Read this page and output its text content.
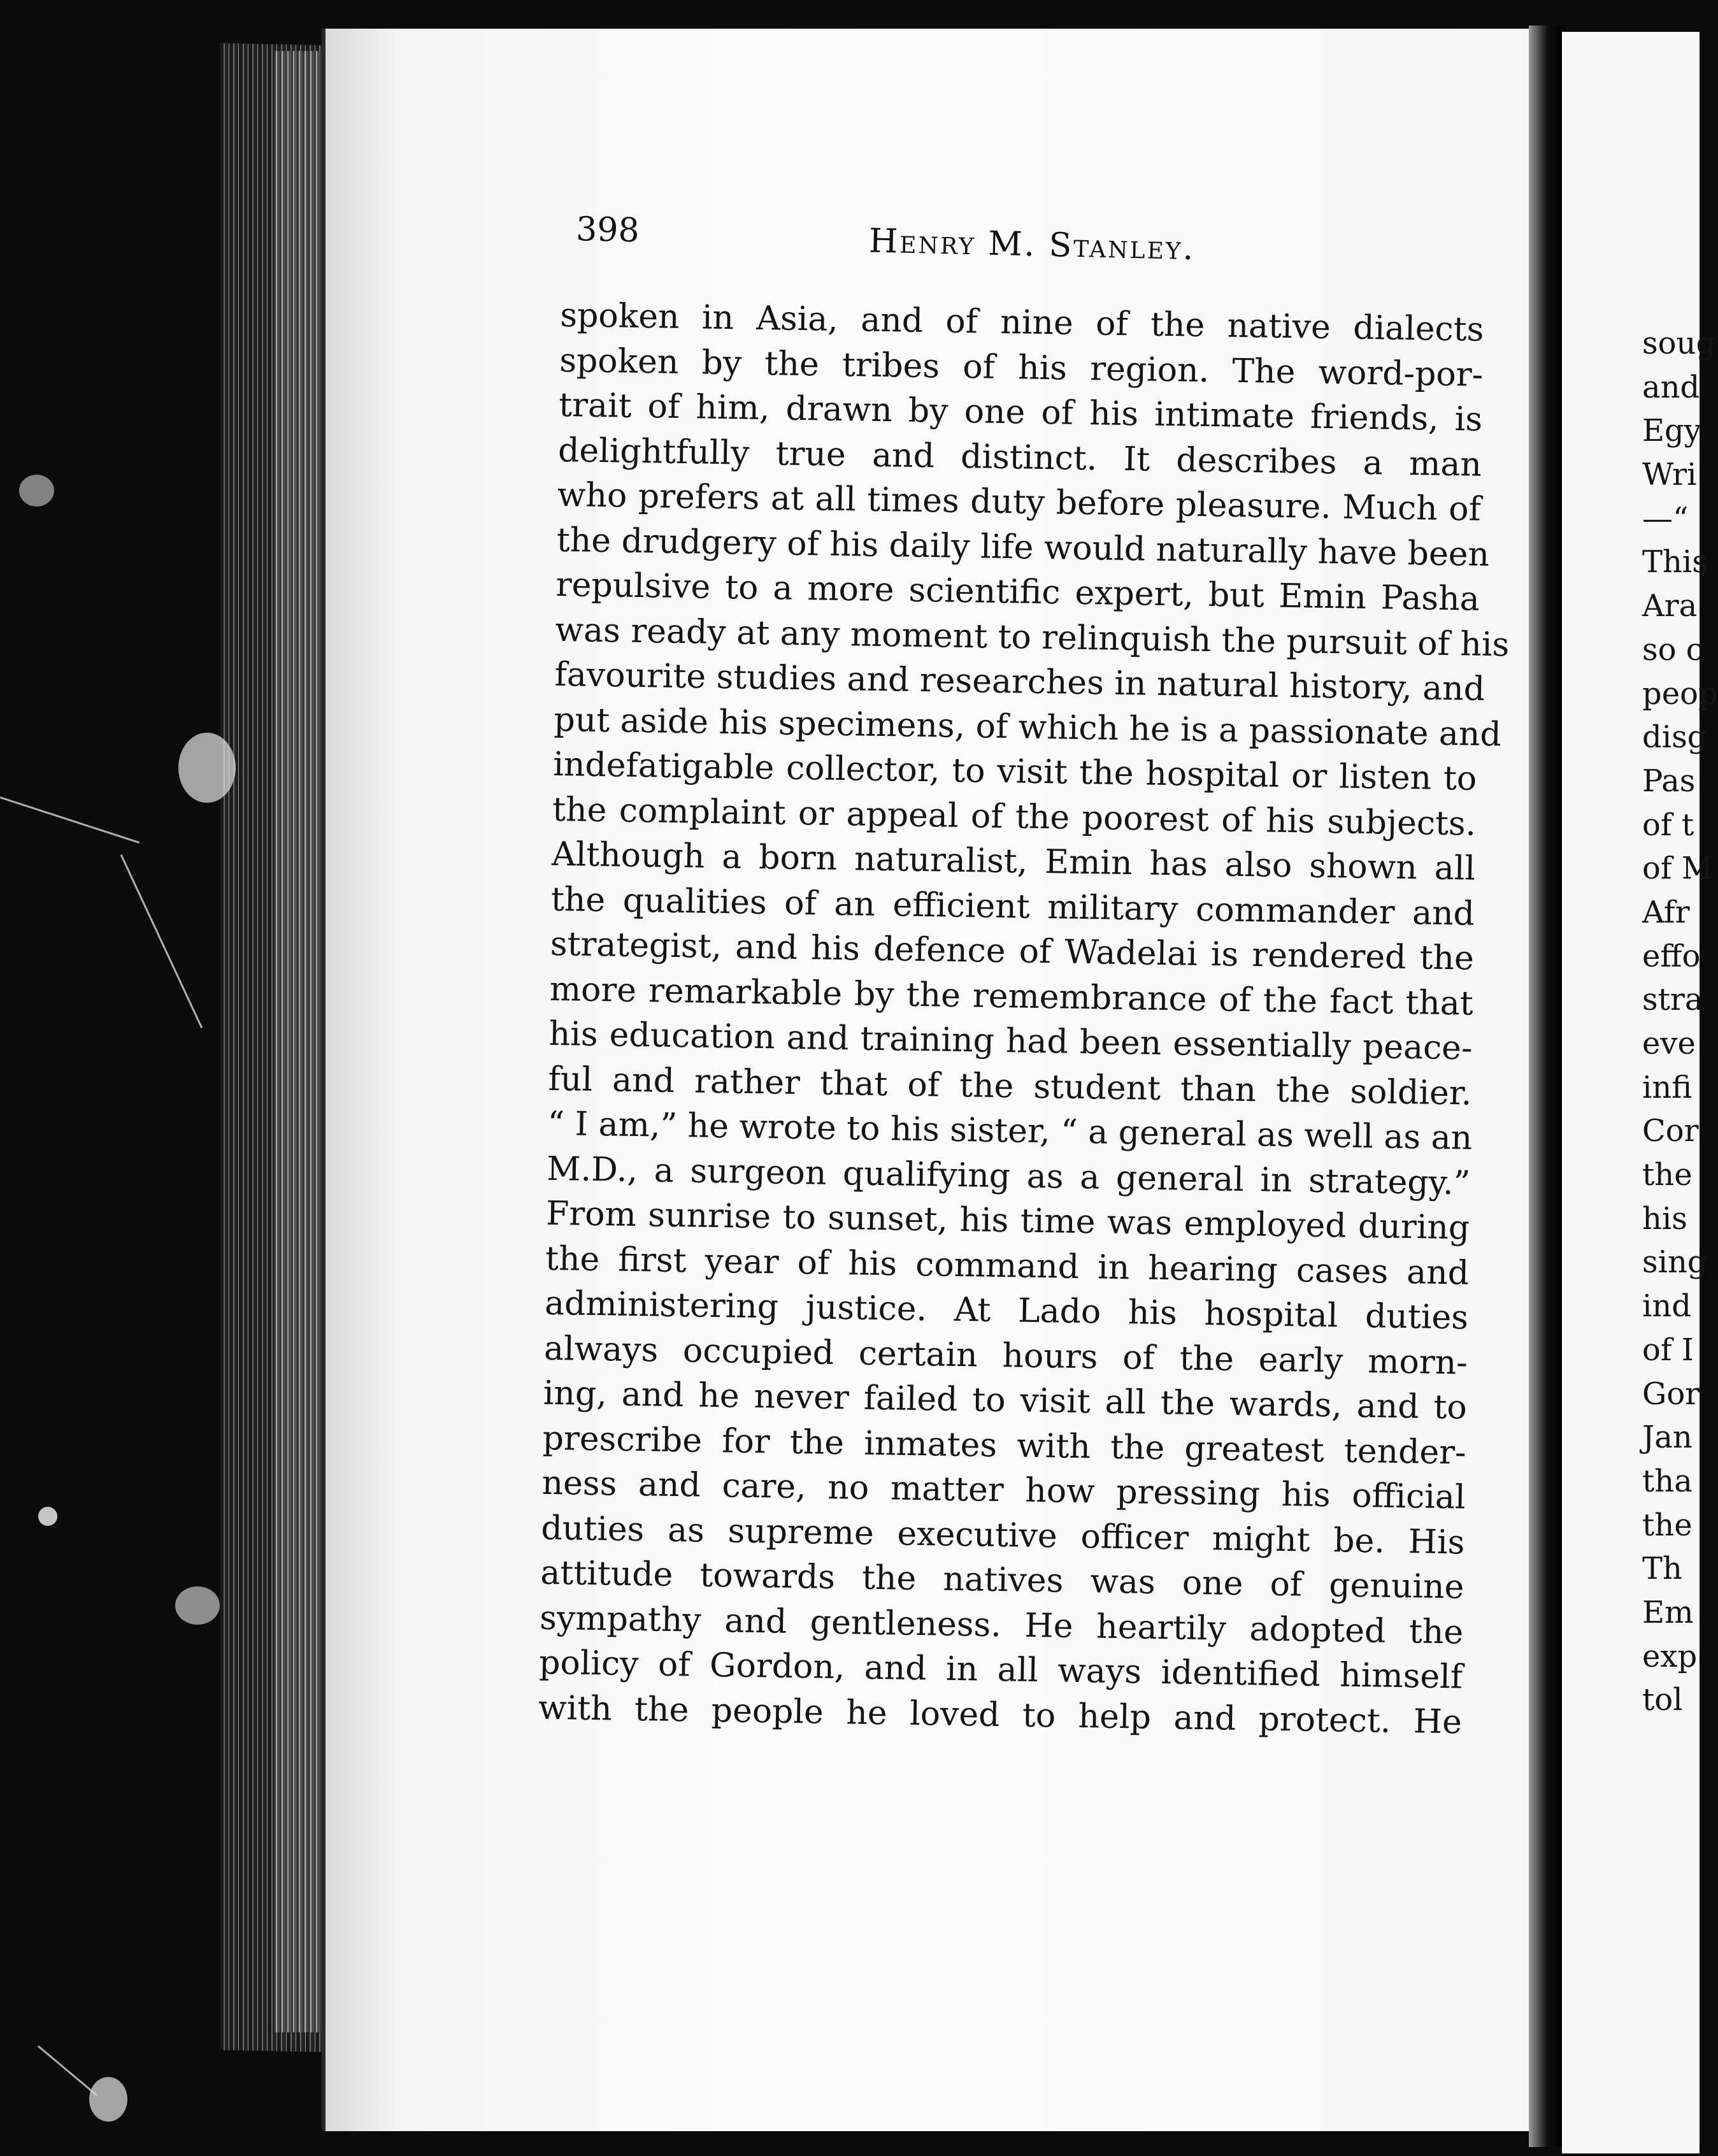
398	Henry M. Stanley.
spoken in Asia, and of nine of the native dialects
spoken by the tribes of his region. The word-por-
trait of him, drawn by one of his intimate friends, is
delightfully true and distinct. It describes a man
who prefers at all times duty before pleasure. Much of
the drudgery of his daily life would naturally have been
repulsive to a more scientific expert, but Emin Pasha
was ready at any moment to relinquish the pursuit of his
favourite studies and researches in natural history, and
put aside his specimens, of which he is a passionate and
indefatigable collector, to visit the hospital or listen to
the complaint or appeal of the poorest of his subjects.
Although a born naturalist, Emin has also shown all
the qualities of an efficient military commander and
strategist, and his defence of Wadelai is rendered the
more remarkable by the remembrance of the fact that
his education and training had been essentially peace-
ful and rather that of the student than the soldier.
“ I am,” he wrote to his sister, “ a general as well as an
M.D., a surgeon qualifying as a general in strategy.”
From sunrise to sunset, his time was employed during
the first year of his command in hearing cases and
administering justice. At Lado his hospital duties
always occupied certain hours of the early morn-
ing, and he never failed to visit all the wards, and to
prescribe for the inmates with the greatest tender-
ness and care, no matter how pressing his official
duties as supreme executive officer might be. His
attitude towards the natives was one of genuine
sympathy and gentleness. He heartily adopted the
policy of Gordon, and in all ways identified himself
with the people he loved to help and protect. He
soug
and
Egy
Wri
—“
This
Ara
so c
peop
disg
Pas
of t
of M
Afr
effo
stra
eve
infi
Cor
the
his
sing
ind
of I
Gor
Jan
tha
the
Th
Em
exp
tol
